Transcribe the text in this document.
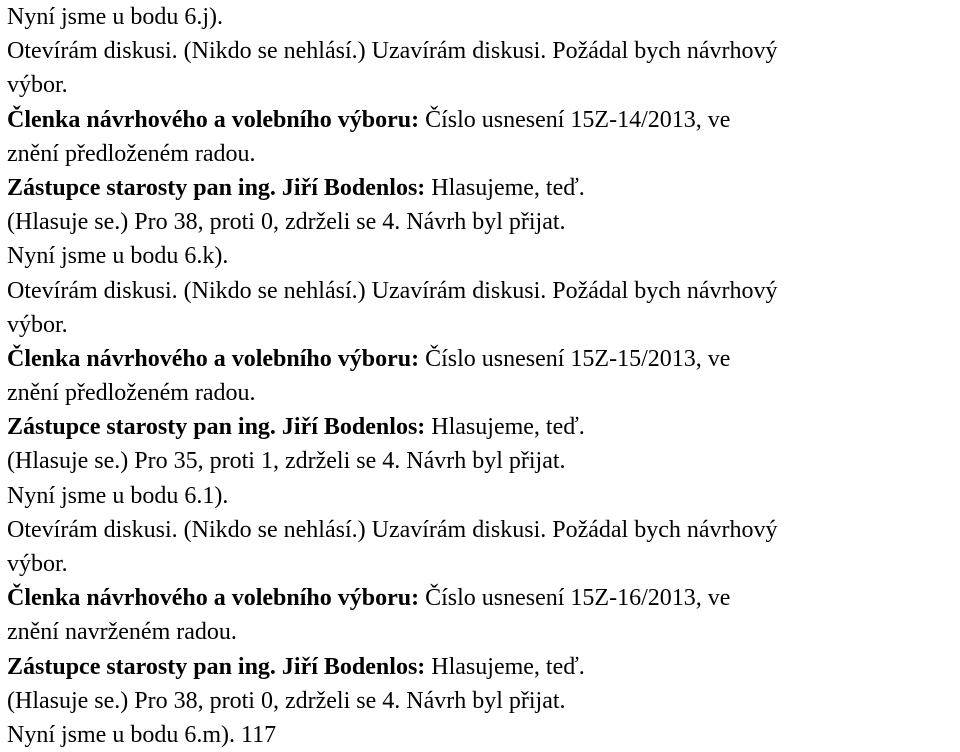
Nyní jsme u bodu 6.j).
Otevírám diskusi. (Nikdo se nehlásí.) Uzavírám diskusi. Požádal bych návrhový
výbor.
Členka návrhového a volebního výboru: Číslo usnesení 15Z-14/2013, ve
znění předloženém radou.
Zástupce starosty pan ing. Jiří Bodenlos: Hlasujeme, teď.
(Hlasuje se.) Pro 38, proti 0, zdrželi se 4. Návrh byl přijat.
Nyní jsme u bodu 6.k).
Otevírám diskusi. (Nikdo se nehlásí.) Uzavírám diskusi. Požádal bych návrhový
výbor.
Členka návrhového a volebního výboru: Číslo usnesení 15Z-15/2013, ve
znění předloženém radou.
Zástupce starosty pan ing. Jiří Bodenlos: Hlasujeme, teď.
(Hlasuje se.) Pro 35, proti 1, zdrželi se 4. Návrh byl přijat.
Nyní jsme u bodu 6.1).
Otevírám diskusi. (Nikdo se nehlásí.) Uzavírám diskusi. Požádal bych návrhový
výbor.
Členka návrhového a volebního výboru: Číslo usnesení 15Z-16/2013, ve
znění navrženém radou.
Zástupce starosty pan ing. Jiří Bodenlos: Hlasujeme, teď.
(Hlasuje se.) Pro 38, proti 0, zdrželi se 4. Návrh byl přijat.
Nyní jsme u bodu 6.m). 117
